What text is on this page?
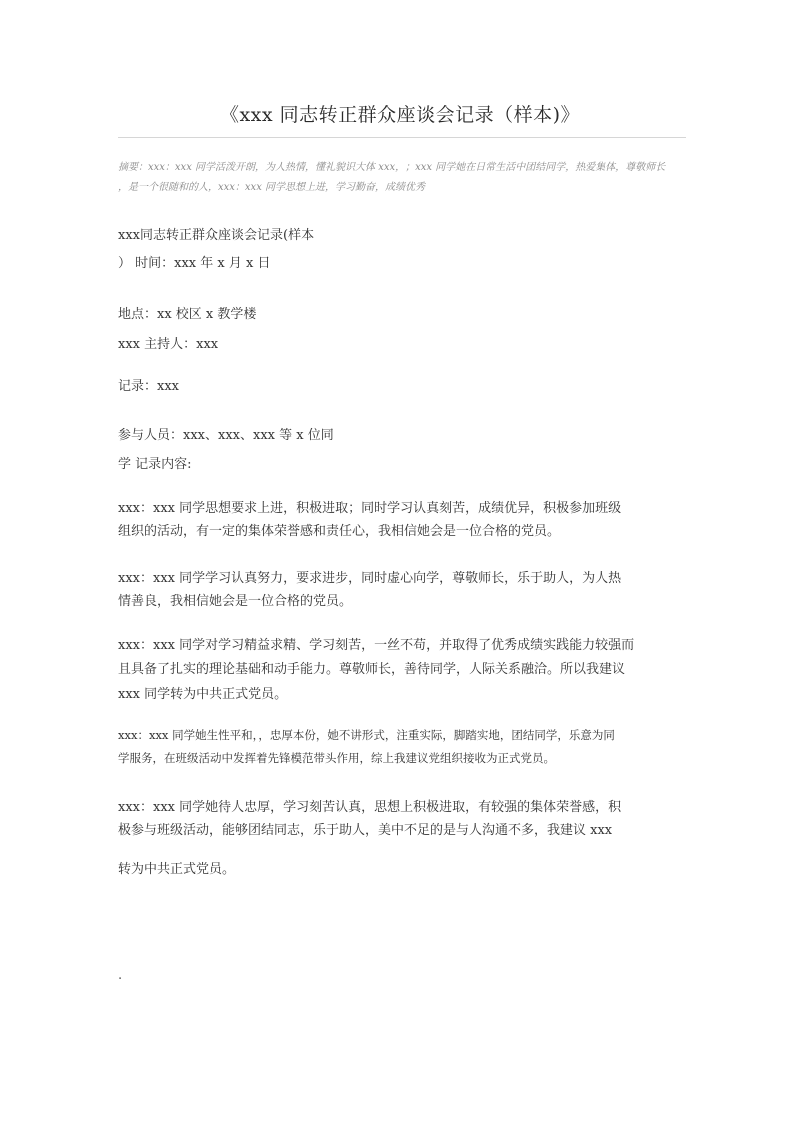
《xxx 同志转正群众座谈会记录（样本)》

摘要：xxx：xxx 同学活泼开朗，为人热情，懂礼貌识大体 xxx，；xxx 同学她在日常生活中团结同学，热爱集体，尊敬师长

，是一个很随和的人，xxx：xxx 同学思想上进，学习勤奋，成绩优秀

xxx同志转正群众座谈会记录(样本

） 时间：xxx 年 x 月 x 日

地点：xx 校区 x 教学楼

xxx 主持人：xxx

记录：xxx

参与人员：xxx、xxx、xxx 等 x 位同

学 记录内容:

xxx：xxx 同学思想要求上进，积极进取；同时学习认真刻苦，成绩优异，积极参加班级

组织的活动，有一定的集体荣誉感和责任心，我相信她会是一位合格的党员。

xxx：xxx 同学学习认真努力，要求进步，同时虚心向学，尊敬师长，乐于助人，为人热

情善良，我相信她会是一位合格的党员。

xxx：xxx 同学对学习精益求精、学习刻苦，一丝不苟，并取得了优秀成绩实践能力较强而

且具备了扎实的理论基础和动手能力。尊敬师长，善待同学，人际关系融洽。所以我建议

xxx 同学转为中共正式党员。

xxx：xxx 同学她生性平和，，忠厚本份，她不讲形式，注重实际，脚踏实地，团结同学，乐意为同

学服务，在班级活动中发挥着先锋模范带头作用，综上我建议党组织接收为正式党员。

xxx：xxx 同学她待人忠厚，学习刻苦认真，思想上积极进取，有较强的集体荣誉感，积

极参与班级活动，能够团结同志，乐于助人，美中不足的是与人沟通不多，我建议 xxx

转为中共正式党员。

.
